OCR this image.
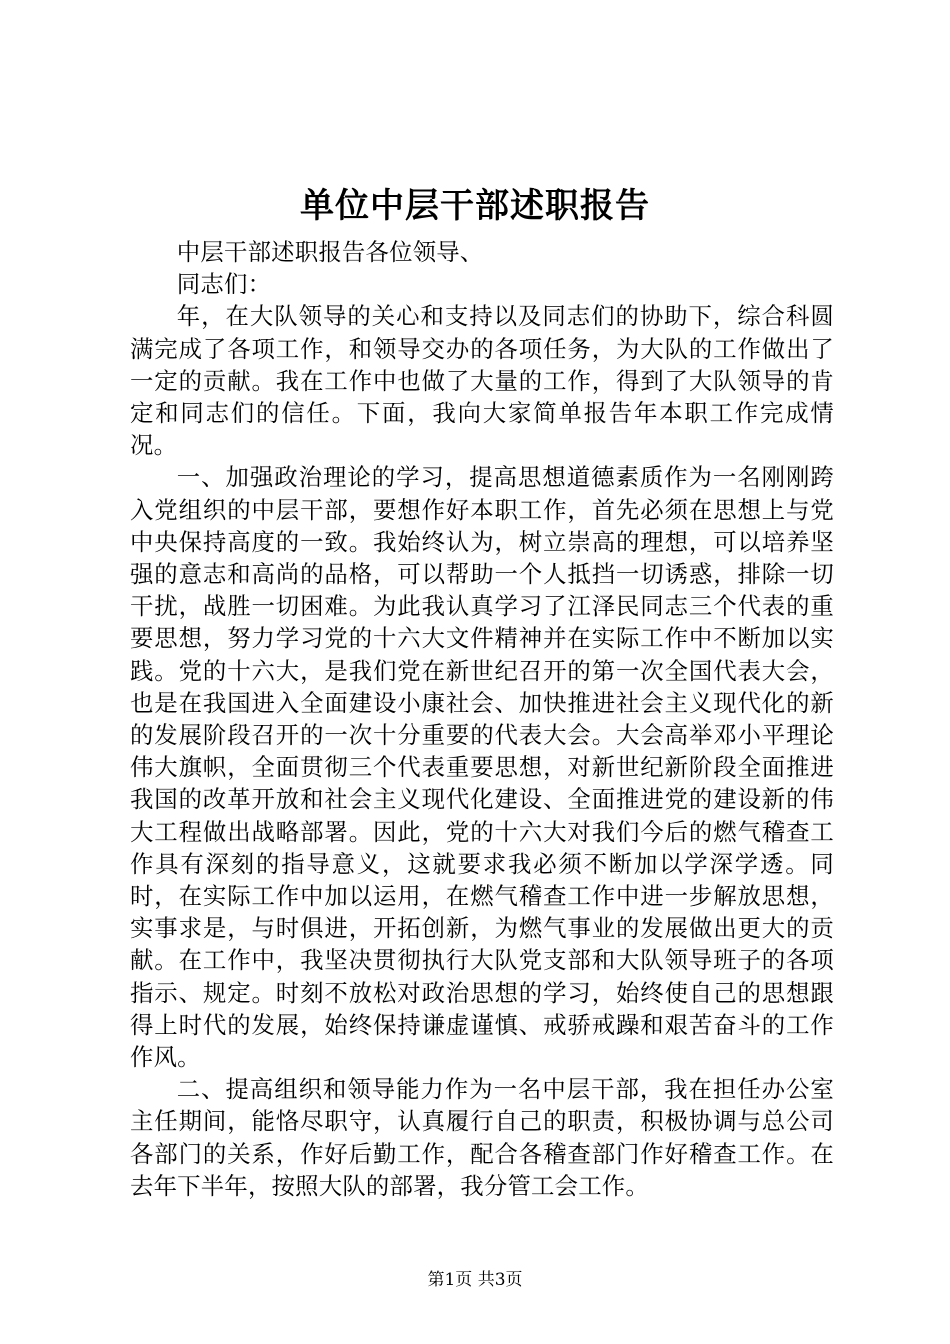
单位中层干部述职报告

中层干部述职报告各位领导、

同志们：

年，在大队领导的关心和支持以及同志们的协助下，综合科圆满完成了各项工作，和领导交办的各项任务，为大队的工作做出了一定的贡献。我在工作中也做了大量的工作，得到了大队领导的肯定和同志们的信任。下面，我向大家简单报告年本职工作完成情况。

一、加强政治理论的学习，提高思想道德素质作为一名刚刚跨入党组织的中层干部，要想作好本职工作，首先必须在思想上与党中央保持高度的一致。我始终认为，树立崇高的理想，可以培养坚强的意志和高尚的品格，可以帮助一个人抵挡一切诱惑，排除一切干扰，战胜一切困难。为此我认真学习了江泽民同志三个代表的重要思想，努力学习党的十六大文件精神并在实际工作中不断加以实践。党的十六大，是我们党在新世纪召开的第一次全国代表大会，也是在我国进入全面建设小康社会、加快推进社会主义现代化的新的发展阶段召开的一次十分重要的代表大会。大会高举邓小平理论伟大旗帜，全面贯彻三个代表重要思想，对新世纪新阶段全面推进我国的改革开放和社会主义现代化建设、全面推进党的建设新的伟大工程做出战略部署。因此，党的十六大对我们今后的燃气稽查工作具有深刻的指导意义，这就要求我必须不断加以学深学透。同时，在实际工作中加以运用，在燃气稽查工作中进一步解放思想，实事求是，与时俱进，开拓创新，为燃气事业的发展做出更大的贡献。在工作中，我坚决贯彻执行大队党支部和大队领导班子的各项指示、规定。时刻不放松对政治思想的学习，始终使自己的思想跟得上时代的发展，始终保持谦虚谨慎、戒骄戒躁和艰苦奋斗的工作作风。

二、提高组织和领导能力作为一名中层干部，我在担任办公室主任期间，能恪尽职守，认真履行自己的职责，积极协调与总公司各部门的关系，作好后勤工作，配合各稽查部门作好稽查工作。在去年下半年，按照大队的部署，我分管工会工作。

第1页 共3页
